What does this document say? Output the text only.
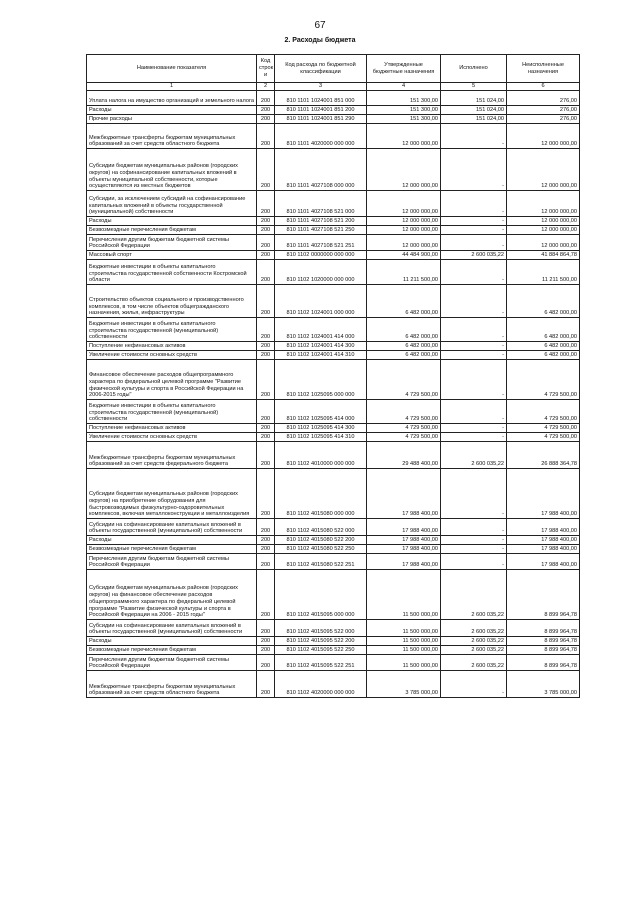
67
2. Расходы бюджета
Наименование показателя	Код строк и	Код расхода по бюджетной классификации	Утвержденные бюджетные назначения	Исполнено	Неисполненные назначения
1	2	3	4	5	6
Уплата налога на имущество организаций и земельного налога	200	810 1101 1024001 851 000	151 300,00	151 024,00	276,00
Расходы	200	810 1101 1024001 851 200	151 300,00	151 024,00	276,00
Прочие расходы	200	810 1101 1024001 851 290	151 300,00	151 024,00	276,00
Межбюджетные трансферты бюджетам муниципальных образований за счет средств областного бюджета	200	810 1101 4020000 000 000	12 000 000,00	-	12 000 000,00
Субсидии бюджетам муниципальных районов (городских округов) на софинансирование капитальных вложений в объекты муниципальной собственности, которые осуществляются из местных бюджетов	200	810 1101 4027108 000 000	12 000 000,00	-	12 000 000,00
Субсидии, за исключением субсидий на софинансирование капитальных вложений в объекты государственной (муниципальной) собственности	200	810 1101 4027108 521 000	12 000 000,00	-	12 000 000,00
Расходы	200	810 1101 4027108 521 200	12 000 000,00	-	12 000 000,00
Безвозмездные перечисления бюджетам	200	810 1101 4027108 521 250	12 000 000,00	-	12 000 000,00
Перечисления другим бюджетам бюджетной системы Российской Федерации	200	810 1101 4027108 521 251	12 000 000,00	-	12 000 000,00
Массовый спорт	200	810 1102 0000000 000 000	44 484 900,00	2 600 035,22	41 884 864,78
Бюджетные инвестиции в объекты капитального строительства государственной собственности Костромской области	200	810 1102 1020000 000 000	11 211 500,00	-	11 211 500,00
Строительство объектов социального и производственного комплексов, в том числе объектов общегражданского назначения, жилья, инфраструктуры	200	810 1102 1024001 000 000	6 482 000,00	-	6 482 000,00
Бюджетные инвестиции в объекты капитального строительства государственной (муниципальной) собственности	200	810 1102 1024001 414 000	6 482 000,00	-	6 482 000,00
Поступление нефинансовых активов	200	810 1102 1024001 414 300	6 482 000,00	-	6 482 000,00
Увеличение стоимости основных средств	200	810 1102 1024001 414 310	6 482 000,00	-	6 482 000,00
Финансовое обеспечение расходов общепрограммного характера по федеральной целевой программе "Развитие физической культуры и спорта в Российской Федерации на 2006-2015 годы"	200	810 1102 1025095 000 000	4 729 500,00	-	4 729 500,00
Бюджетные инвестиции в объекты капитального строительства государственной (муниципальной) собственности	200	810 1102 1025095 414 000	4 729 500,00	-	4 729 500,00
Поступление нефинансовых активов	200	810 1102 1025095 414 300	4 729 500,00	-	4 729 500,00
Увеличение стоимости основных средств	200	810 1102 1025095 414 310	4 729 500,00	-	4 729 500,00
Межбюджетные трансферты бюджетам муниципальных образований за счет средств федерального бюджета	200	810 1102 4010000 000 000	29 488 400,00	2 600 035,22	26 888 364,78
Субсидии бюджетам муниципальных районов (городских округов) на приобретение оборудования для быстровозводимых физкультурно-оздоровительных комплексов, включая металлоконструкции и металлоизделия	200	810 1102 4015080 000 000	17 988 400,00	-	17 988 400,00
Субсидии на софинансирование капитальных вложений в объекты государственной (муниципальной) собственности	200	810 1102 4015080 522 000	17 988 400,00	-	17 988 400,00
Расходы	200	810 1102 4015080 522 200	17 988 400,00	-	17 988 400,00
Безвозмездные перечисления бюджетам	200	810 1102 4015080 522 250	17 988 400,00	-	17 988 400,00
Перечисления другим бюджетам бюджетной системы Российской Федерации	200	810 1102 4015080 522 251	17 988 400,00	-	17 988 400,00
Субсидии бюджетам муниципальных районов (городских округов) на финансовое обеспечение расходов общепрограммного характера по федеральной целевой программе "Развитие физической культуры и спорта в Российской Федерации на 2006 - 2015 годы"	200	810 1102 4015095 000 000	11 500 000,00	2 600 035,22	8 899 964,78
Субсидии на софинансирование капитальных вложений в объекты государственной (муниципальной) собственности	200	810 1102 4015095 522 000	11 500 000,00	2 600 035,22	8 899 964,78
Расходы	200	810 1102 4015095 522 200	11 500 000,00	2 600 035,22	8 899 964,78
Безвозмездные перечисления бюджетам	200	810 1102 4015095 522 250	11 500 000,00	2 600 035,22	8 899 964,78
Перечисления другим бюджетам бюджетной системы Российской Федерации	200	810 1102 4015095 522 251	11 500 000,00	2 600 035,22	8 899 964,78
Межбюджетные трансферты бюджетам муниципальных образований за счет средств областного бюджета	200	810 1102 4020000 000 000	3 785 000,00	-	3 785 000,00
